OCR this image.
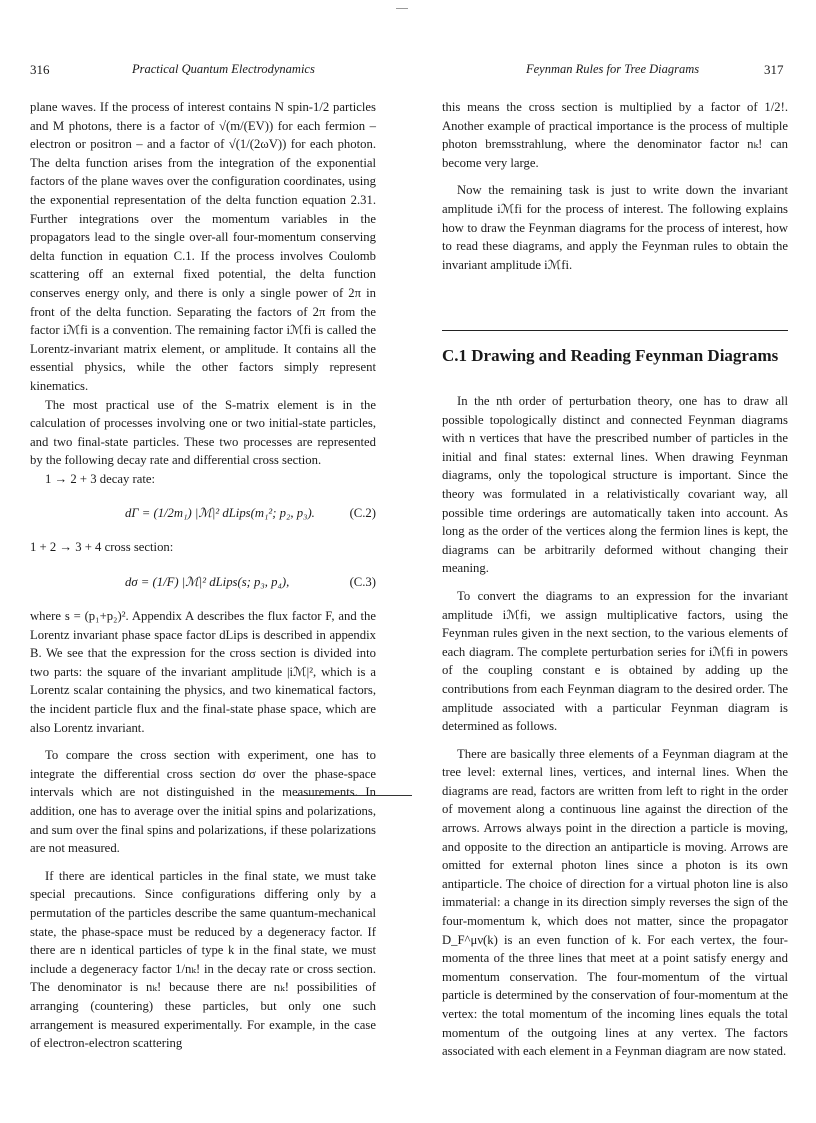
316	Practical Quantum Electrodynamics

plane waves. If the process of interest contains N spin-1/2 particles and M photons, there is a factor of √(m/(EV)) for each fermion – electron or positron – and a factor of √(1/(2ωV)) for each photon. The delta function arises from the integration of the exponential factors of the plane waves over the configuration coordinates, using the exponential representation of the delta function equation 2.31. Further integrations over the momentum variables in the propagators lead to the single over-all four-momentum conserving delta function in equation C.1. If the process involves Coulomb scattering off an external fixed potential, the delta function conserves energy only, and there is only a single power of 2π in front of the delta function. Separating the factors of 2π from the factor iℳfi is a convention. The remaining factor iℳfi is called the Lorentz-invariant matrix element, or amplitude. It contains all the essential physics, while the other factors simply represent kinematics.

The most practical use of the S-matrix element is in the calculation of processes involving one or two initial-state particles, and two final-state particles. These two processes are represented by the following decay rate and differential cross section.

1 → 2 + 3 decay rate:

dΓ = (1/2m₁) |ℳ|² dLips(m₁²; p₂, p₃).	(C.2)

1 + 2 → 3 + 4 cross section:

dσ = (1/F) |ℳ|² dLips(s; p₃, p₄),	(C.3)

where s = (p₁+p₂)². Appendix A describes the flux factor F, and the Lorentz invariant phase space factor dLips is described in appendix B. We see that the expression for the cross section is divided into two parts: the square of the invariant amplitude |iℳ|², which is a Lorentz scalar containing the physics, and two kinematical factors, the incident particle flux and the final-state phase space, which are also Lorentz invariant.

To compare the cross section with experiment, one has to integrate the differential cross section dσ over the phase-space intervals which are not distinguished in the measurements. In addition, one has to average over the initial spins and polarizations, and sum over the final spins and polarizations, if these polarizations are not measured.

If there are identical particles in the final state, we must take special precautions. Since configurations differing only by a permutation of the particles describe the same quantum-mechanical state, the phase-space must be reduced by a degeneracy factor. If there are n identical particles of type k in the final state, we must include a degeneracy factor 1/nₖ! in the decay rate or cross section. The denominator is nₖ! because there are nₖ! possibilities of arranging (countering) these particles, but only one such arrangement is measured experimentally. For example, in the case of electron-electron scattering

Feynman Rules for Tree Diagrams	317

this means the cross section is multiplied by a factor of 1/2!. Another example of practical importance is the process of multiple photon bremsstrahlung, where the denominator factor nₖ! can become very large.

Now the remaining task is just to write down the invariant amplitude iℳfi for the process of interest. The following explains how to draw the Feynman diagrams for the process of interest, how to read these diagrams, and apply the Feynman rules to obtain the invariant amplitude iℳfi.

C.1 Drawing and Reading Feynman Diagrams

In the nth order of perturbation theory, one has to draw all possible topologically distinct and connected Feynman diagrams with n vertices that have the prescribed number of particles in the initial and final states: external lines. When drawing Feynman diagrams, only the topological structure is important. Since the theory was formulated in a relativistically covariant way, all possible time orderings are automatically taken into account. As long as the order of the vertices along the fermion lines is kept, the diagrams can be arbitrarily deformed without changing their meaning.

To convert the diagrams to an expression for the invariant amplitude iℳfi, we assign multiplicative factors, using the Feynman rules given in the next section, to the various elements of each diagram. The complete perturbation series for iℳfi in powers of the coupling constant e is obtained by adding up the contributions from each Feynman diagram to the desired order. The amplitude associated with a particular Feynman diagram is determined as follows.

There are basically three elements of a Feynman diagram at the tree level: external lines, vertices, and internal lines. When the diagrams are read, factors are written from left to right in the order of movement along a continuous line against the direction of the arrows. Arrows always point in the direction a particle is moving, and opposite to the direction an antiparticle is moving. Arrows are omitted for external photon lines since a photon is its own antiparticle. The choice of direction for a virtual photon line is also immaterial: a change in its direction simply reverses the sign of the four-momentum k, which does not matter, since the propagator D_F^μν(k) is an even function of k. For each vertex, the four-momenta of the three lines that meet at a point satisfy energy and momentum conservation. The four-momentum of the virtual particle is determined by the conservation of four-momentum at the vertex: the total momentum of the incoming lines equals the total momentum of the outgoing lines at any vertex. The factors associated with each element in a Feynman diagram are now stated.
